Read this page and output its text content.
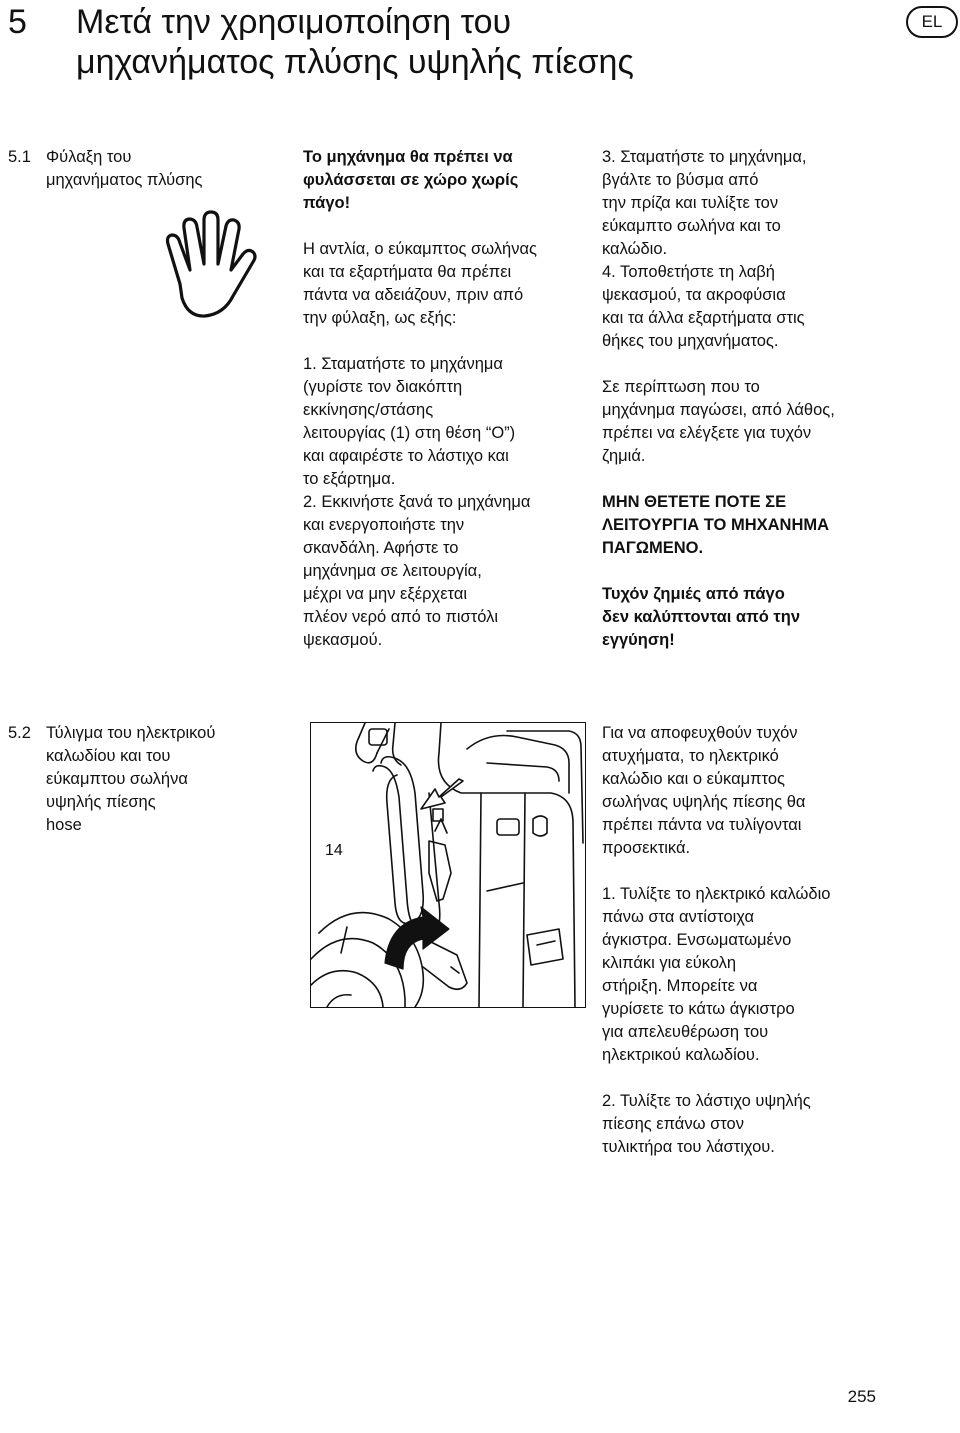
5 Μετά την χρησιμοποίηση του
μηχανήματος πλύσης υψηλής πίεσης
EL
5.1 Φύλαξη του

μηχανήματος πλύσης

Το μηχάνημα θα πρέπει να

φυλάσσεται σε χώρο χωρίς

πάγο!

Η αντλία, ο εύκαμπτος σωλήνας

και τα εξαρτήματα θα πρέπει

πάντα να αδειάζουν, πριν από

την φύλαξη, ως εξής:

1. Σταματήστε το μηχάνημα

(γυρίστε τον διακόπτη

εκκίνησης/στάσης

λειτουργίας (1) στη θέση “Ο”)

και αφαιρέστε το λάστιχο και

το εξάρτημα.

2. Εκκινήστε ξανά το μηχάνημα

και ενεργοποιήστε την

σκανδάλη. Αφήστε το

μηχάνημα σε λειτουργία,

μέχρι να μην εξέρχεται

πλέον νερό από το πιστόλι

ψεκασμού.

3. Σταματήστε το μηχάνημα,

βγάλτε το βύσμα από

την πρίζα και τυλίξτε τον

εύκαμπτο σωλήνα και το

καλώδιο.

4. Τοποθετήστε τη λαβή

ψεκασμού, τα ακροφύσια

και τα άλλα εξαρτήματα στις

θήκες του μηχανήματος.

Σε περίπτωση που το

μηχάνημα παγώσει, από λάθος,

πρέπει να ελέγξετε για τυχόν

ζημιά.

ΜΗΝ ΘΕΤΕΤΕ ΠΟΤΕ ΣΕ

ΛΕΙΤΟΥΡΓΙΑ ΤΟ ΜΗΧΑΝΗΜΑ

ΠΑΓΩΜΕΝΟ.

Τυχόν ζημιές από πάγο

δεν καλύπτονται από την

εγγύηση!

5.2 Τύλιγμα του ηλεκτρικού

καλωδίου και του

εύκαμπτου σωλήνα

υψηλής πίεσης

hose

14

Για να αποφευχθούν τυχόν

ατυχήματα, το ηλεκτρικό

καλώδιο και ο εύκαμπτος

σωλήνας υψηλής πίεσης θα

πρέπει πάντα να τυλίγονται

προσεκτικά.

1. Τυλίξτε το ηλεκτρικό καλώδιο

πάνω στα αντίστοιχα

άγκιστρα. Ενσωματωμένο

κλιπάκι για εύκολη

στήριξη. Μπορείτε να

γυρίσετε το κάτω άγκιστρο

για απελευθέρωση του

ηλεκτρικού καλωδίου.

2. Τυλίξτε το λάστιχο υψηλής

πίεσης επάνω στον

τυλικτήρα του λάστιχου.

255
